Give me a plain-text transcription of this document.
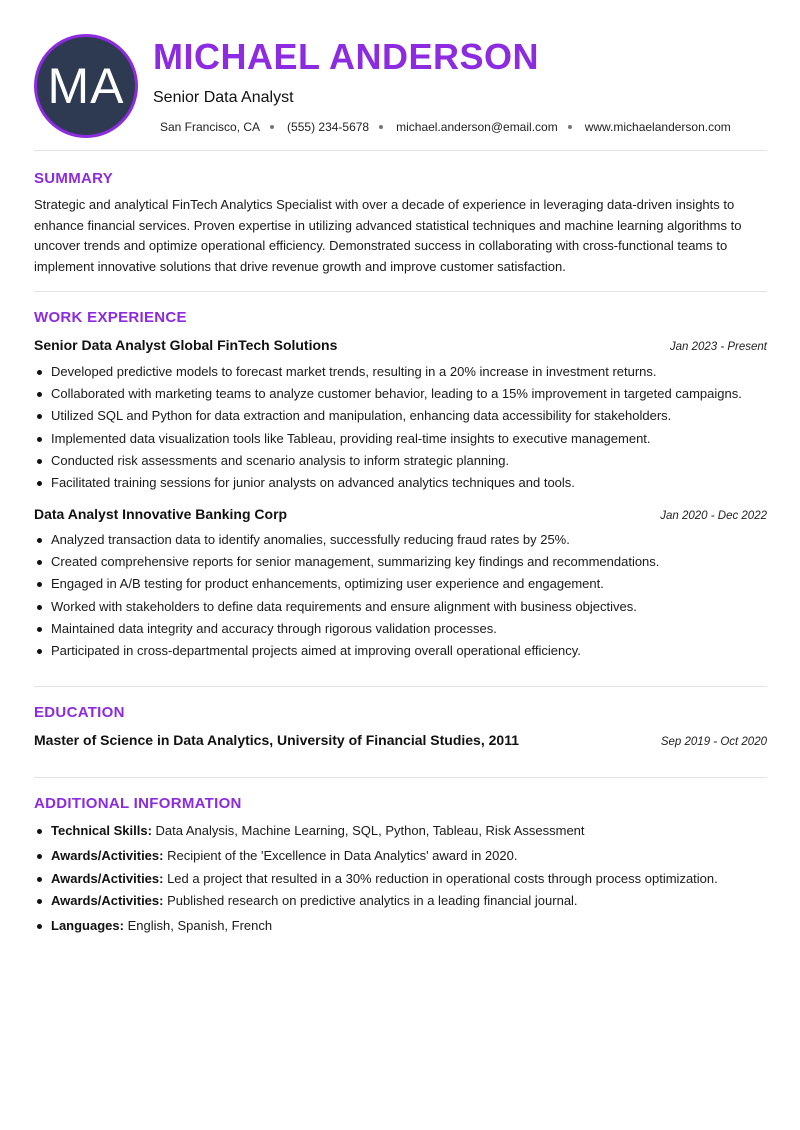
MA
MICHAEL ANDERSON
Senior Data Analyst
San Francisco, CA (555) 234-5678 michael.anderson@email.com www.michaelanderson.com
SUMMARY

Strategic and analytical FinTech Analytics Specialist with over a decade of experience in leveraging data-driven insights to enhance financial services. Proven expertise in utilizing advanced statistical techniques and machine learning algorithms to uncover trends and optimize operational efficiency. Demonstrated success in collaborating with cross-functional teams to implement innovative solutions that drive revenue growth and improve customer satisfaction.

WORK EXPERIENCE
Senior Data Analyst Global FinTech Solutions	Jan 2023 - Present
Developed predictive models to forecast market trends, resulting in a 20% increase in investment returns.
Collaborated with marketing teams to analyze customer behavior, leading to a 15% improvement in targeted campaigns.
Utilized SQL and Python for data extraction and manipulation, enhancing data accessibility for stakeholders.
Implemented data visualization tools like Tableau, providing real-time insights to executive management.
Conducted risk assessments and scenario analysis to inform strategic planning.
Facilitated training sessions for junior analysts on advanced analytics techniques and tools.
Data Analyst Innovative Banking Corp	Jan 2020 - Dec 2022
Analyzed transaction data to identify anomalies, successfully reducing fraud rates by 25%.
Created comprehensive reports for senior management, summarizing key findings and recommendations.
Engaged in A/B testing for product enhancements, optimizing user experience and engagement.
Worked with stakeholders to define data requirements and ensure alignment with business objectives.
Maintained data integrity and accuracy through rigorous validation processes.
Participated in cross-departmental projects aimed at improving overall operational efficiency.
EDUCATION
Master of Science in Data Analytics, University of Financial Studies, 2011	Sep 2019 - Oct 2020
ADDITIONAL INFORMATION
Technical Skills: Data Analysis, Machine Learning, SQL, Python, Tableau, Risk Assessment
Awards/Activities: Recipient of the 'Excellence in Data Analytics' award in 2020.
Awards/Activities: Led a project that resulted in a 30% reduction in operational costs through process optimization.
Awards/Activities: Published research on predictive analytics in a leading financial journal.
Languages: English, Spanish, French
